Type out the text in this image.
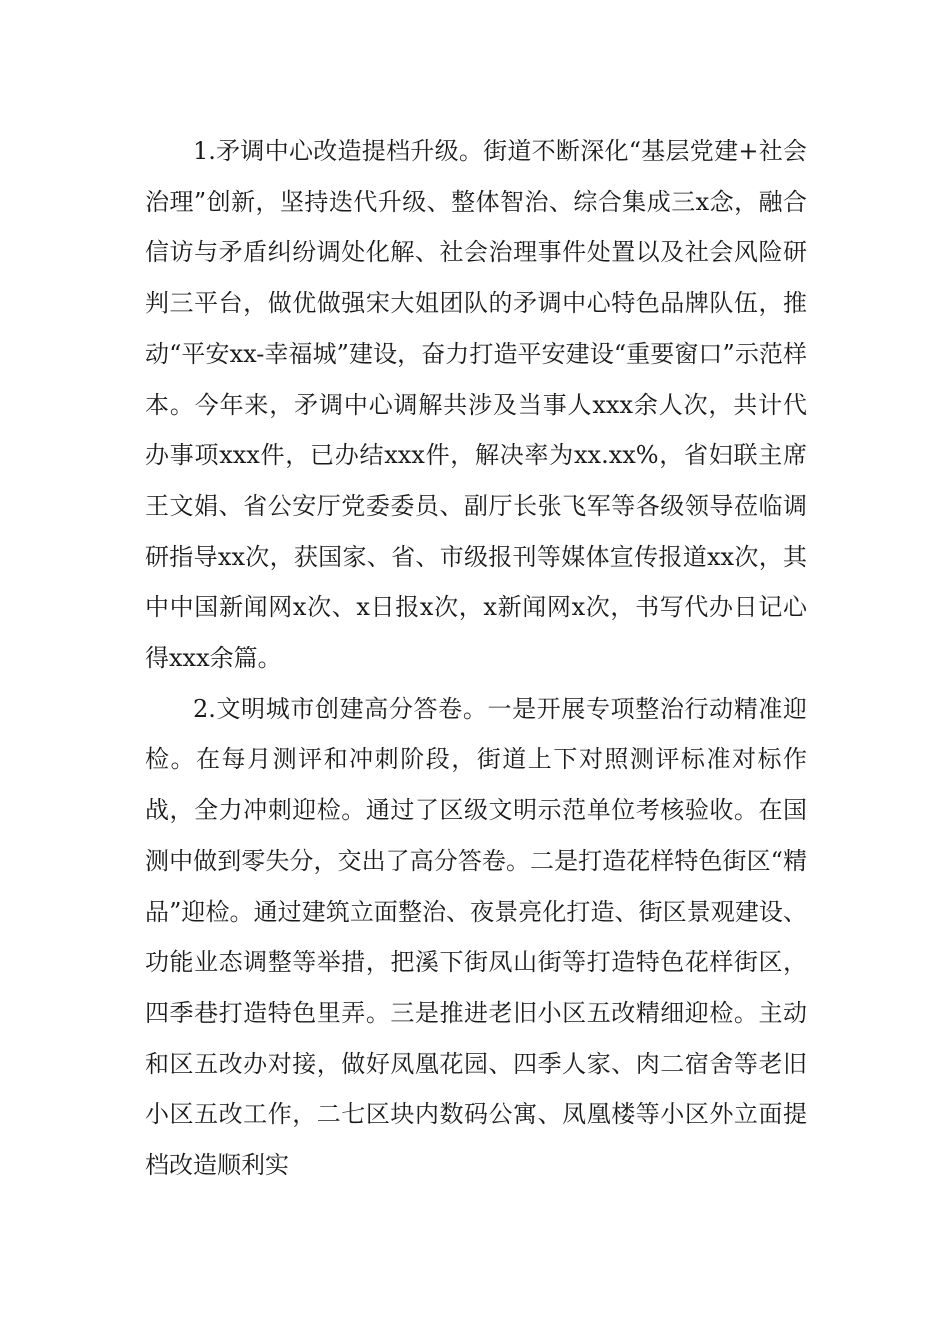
1.矛调中心改造提档升级。街道不断深化“基层党建+社会治理”创新，坚持迭代升级、整体智治、综合集成三x念，融合信访与矛盾纠纷调处化解、社会治理事件处置以及社会风险研判三平台，做优做强宋大姐团队的矛调中心特色品牌队伍，推动“平安xx-幸福城”建设，奋力打造平安建设“重要窗口”示范样本。今年来，矛调中心调解共涉及当事人xxx余人次，共计代办事项xxx件，已办结xxx件，解决率为xx.xx%，省妇联主席王文娟、省公安厅党委委员、副厅长张飞军等各级领导莅临调研指导xx次，获国家、省、市级报刊等媒体宣传报道xx次，其中中国新闻网x次、x日报x次，x新闻网x次，书写代办日记心得xxx余篇。

2.文明城市创建高分答卷。一是开展专项整治行动精准迎检。在每月测评和冲刺阶段，街道上下对照测评标准对标作战，全力冲刺迎检。通过了区级文明示范单位考核验收。在国测中做到零失分，交出了高分答卷。二是打造花样特色街区“精品”迎检。通过建筑立面整治、夜景亮化打造、街区景观建设、功能业态调整等举措，把溪下街凤山街等打造特色花样街区，四季巷打造特色里弄。三是推进老旧小区五改精细迎检。主动和区五改办对接，做好凤凰花园、四季人家、肉二宿舍等老旧小区五改工作，二七区块内数码公寓、凤凰楼等小区外立面提档改造顺利实
